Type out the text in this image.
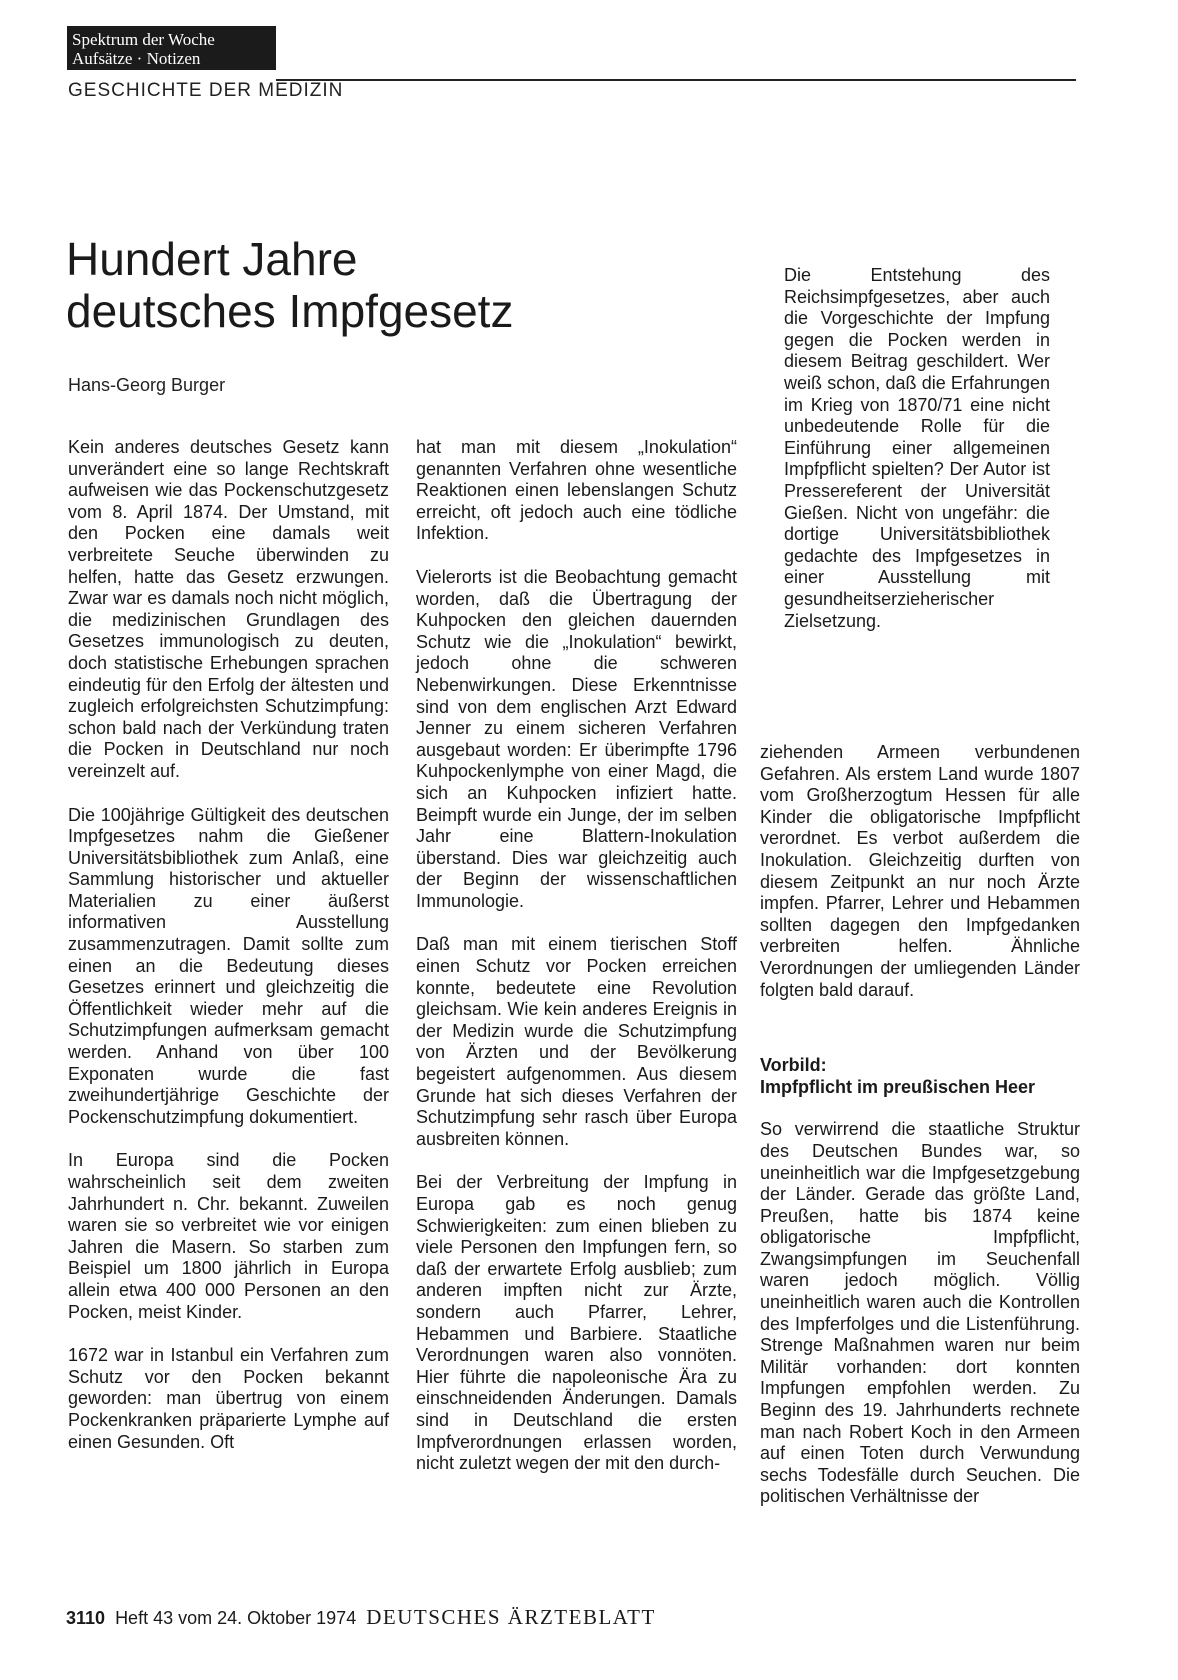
Spektrum der Woche
Aufsätze · Notizen
GESCHICHTE DER MEDIZIN
Hundert Jahre
deutsches Impfgesetz
Hans-Georg Burger

Die Entstehung des Reichsimpfgesetzes, aber auch die Vorgeschichte der Impfung gegen die Pocken werden in diesem Beitrag geschildert. Wer weiß schon, daß die Erfahrungen im Krieg von 1870/71 eine nicht unbedeutende Rolle für die Einführung einer allgemeinen Impfpflicht spielten? Der Autor ist Pressereferent der Universität Gießen. Nicht von ungefähr: die dortige Universitätsbibliothek gedachte des Impfgesetzes in einer Ausstellung mit gesundheitserzieherischer Zielsetzung.

Kein anderes deutsches Gesetz kann unverändert eine so lange Rechtskraft aufweisen wie das Pockenschutzgesetz vom 8. April 1874. Der Umstand, mit den Pocken eine damals weit verbreitete Seuche überwinden zu helfen, hatte das Gesetz erzwungen. Zwar war es damals noch nicht möglich, die medizinischen Grundlagen des Gesetzes immunologisch zu deuten, doch statistische Erhebungen sprachen eindeutig für den Erfolg der ältesten und zugleich erfolgreichsten Schutzimpfung: schon bald nach der Verkündung traten die Pocken in Deutschland nur noch vereinzelt auf.

Die 100jährige Gültigkeit des deutschen Impfgesetzes nahm die Gießener Universitätsbibliothek zum Anlaß, eine Sammlung historischer und aktueller Materialien zu einer äußerst informativen Ausstellung zusammenzutragen. Damit sollte zum einen an die Bedeutung dieses Gesetzes erinnert und gleichzeitig die Öffentlichkeit wieder mehr auf die Schutzimpfungen aufmerksam gemacht werden. Anhand von über 100 Exponaten wurde die fast zweihundertjährige Geschichte der Pockenschutzimpfung dokumentiert.

In Europa sind die Pocken wahrscheinlich seit dem zweiten Jahrhundert n. Chr. bekannt. Zuweilen waren sie so verbreitet wie vor einigen Jahren die Masern. So starben zum Beispiel um 1800 jährlich in Europa allein etwa 400 000 Personen an den Pocken, meist Kinder.

1672 war in Istanbul ein Verfahren zum Schutz vor den Pocken bekannt geworden: man übertrug von einem Pockenkranken präparierte Lymphe auf einen Gesunden. Oft

hat man mit diesem „Inokulation“ genannten Verfahren ohne wesentliche Reaktionen einen lebenslangen Schutz erreicht, oft jedoch auch eine tödliche Infektion.

Vielerorts ist die Beobachtung gemacht worden, daß die Übertragung der Kuhpocken den gleichen dauernden Schutz wie die „Inokulation“ bewirkt, jedoch ohne die schweren Nebenwirkungen. Diese Erkenntnisse sind von dem englischen Arzt Edward Jenner zu einem sicheren Verfahren ausgebaut worden: Er überimpfte 1796 Kuhpockenlymphe von einer Magd, die sich an Kuhpocken infiziert hatte. Beimpft wurde ein Junge, der im selben Jahr eine Blattern-Inokulation überstand. Dies war gleichzeitig auch der Beginn der wissenschaftlichen Immunologie.

Daß man mit einem tierischen Stoff einen Schutz vor Pocken erreichen konnte, bedeutete eine Revolution gleichsam. Wie kein anderes Ereignis in der Medizin wurde die Schutzimpfung von Ärzten und der Bevölkerung begeistert aufgenommen. Aus diesem Grunde hat sich dieses Verfahren der Schutzimpfung sehr rasch über Europa ausbreiten können.

Bei der Verbreitung der Impfung in Europa gab es noch genug Schwierigkeiten: zum einen blieben zu viele Personen den Impfungen fern, so daß der erwartete Erfolg ausblieb; zum anderen impften nicht zur Ärzte, sondern auch Pfarrer, Lehrer, Hebammen und Barbiere. Staatliche Verordnungen waren also vonnöten. Hier führte die napoleonische Ära zu einschneidenden Änderungen. Damals sind in Deutschland die ersten Impfverordnungen erlassen worden, nicht zuletzt wegen der mit den durch-

ziehenden Armeen verbundenen Gefahren. Als erstem Land wurde 1807 vom Großherzogtum Hessen für alle Kinder die obligatorische Impfpflicht verordnet. Es verbot außerdem die Inokulation. Gleichzeitig durften von diesem Zeitpunkt an nur noch Ärzte impfen. Pfarrer, Lehrer und Hebammen sollten dagegen den Impfgedanken verbreiten helfen. Ähnliche Verordnungen der umliegenden Länder folgten bald darauf.

Vorbild:
Impfpflicht im preußischen Heer

So verwirrend die staatliche Struktur des Deutschen Bundes war, so uneinheitlich war die Impfgesetzgebung der Länder. Gerade das größte Land, Preußen, hatte bis 1874 keine obligatorische Impfpflicht, Zwangsimpfungen im Seuchenfall waren jedoch möglich. Völlig uneinheitlich waren auch die Kontrollen des Impferfolges und die Listenführung. Strenge Maßnahmen waren nur beim Militär vorhanden: dort konnten Impfungen empfohlen werden. Zu Beginn des 19. Jahrhunderts rechnete man nach Robert Koch in den Armeen auf einen Toten durch Verwundung sechs Todesfälle durch Seuchen. Die politischen Verhältnisse der

3110 Heft 43 vom 24. Oktober 1974 DEUTSCHES ÄRZTEBLATT
